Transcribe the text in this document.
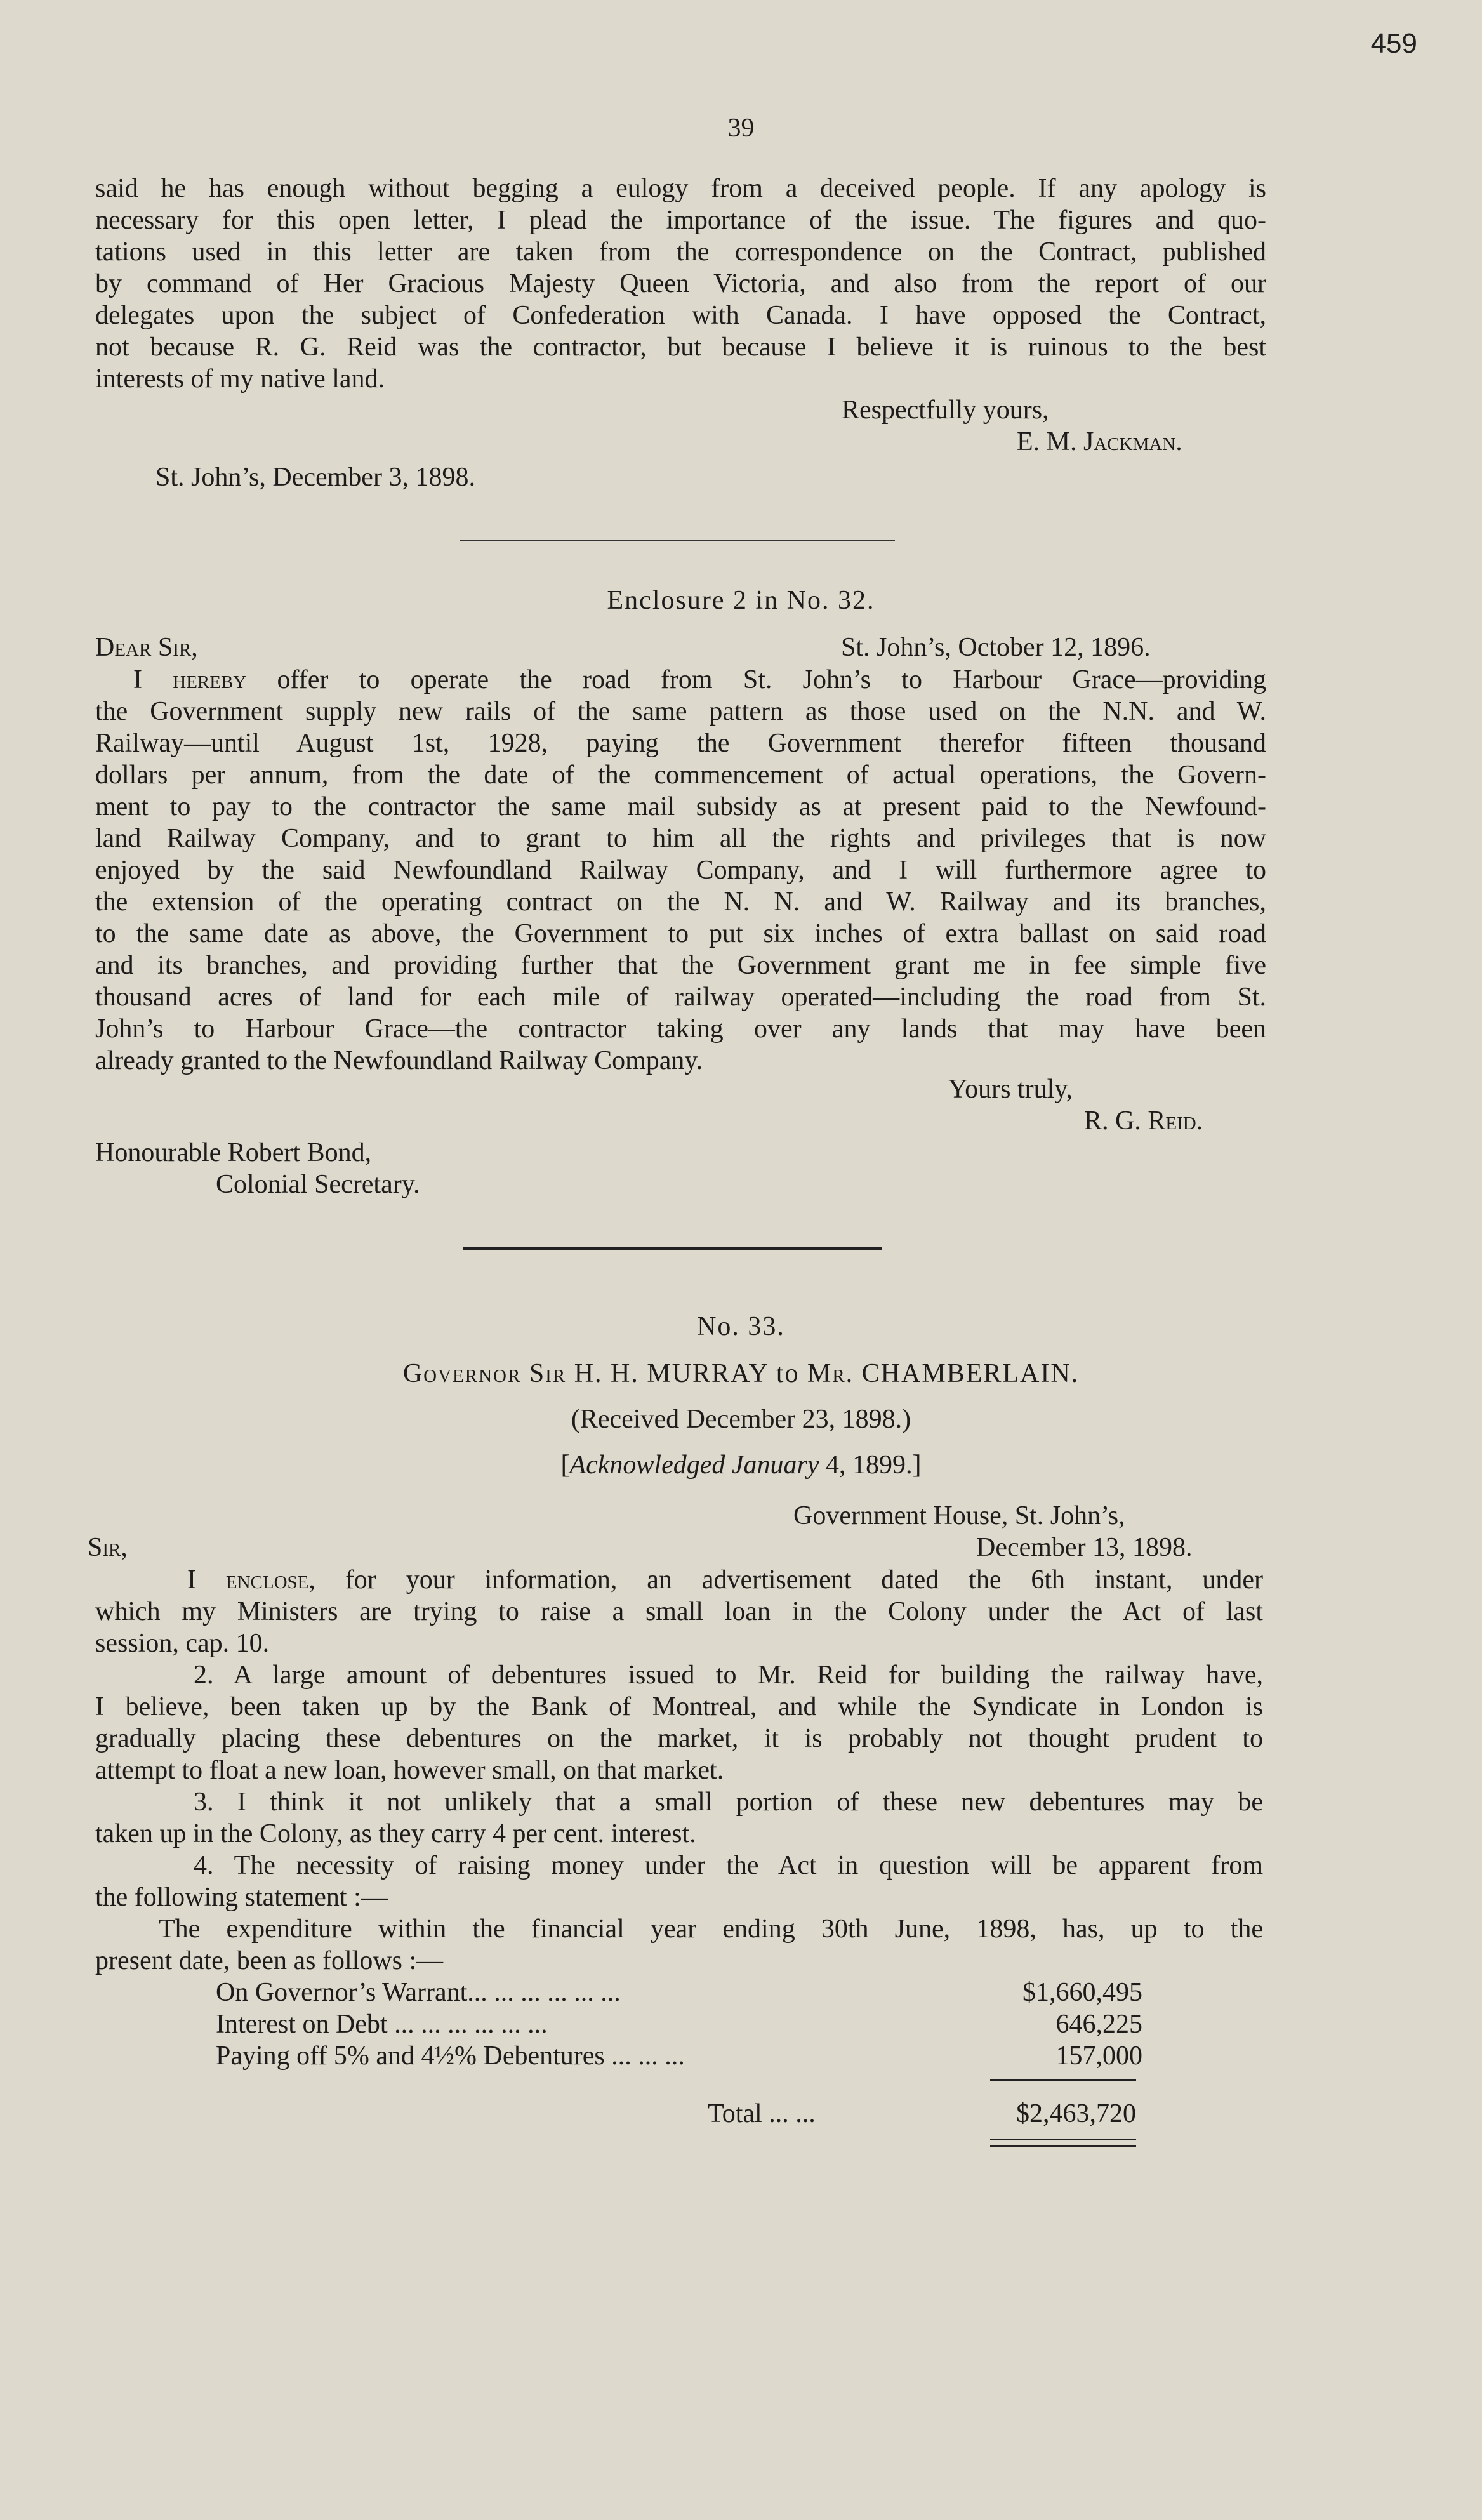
459
39

said he has enough without begging a eulogy from a deceived people. If any apology is

necessary for this open letter, I plead the importance of the issue. The figures and quo-

tations used in this letter are taken from the correspondence on the Contract, published

by command of Her Gracious Majesty Queen Victoria, and also from the report of our

delegates upon the subject of Confederation with Canada. I have opposed the Contract,

not because R. G. Reid was the contractor, but because I believe it is ruinous to the best

interests of my native land.

Respectfully yours,
E. M. Jackman.
St. John’s, December 3, 1898.
Enclosure 2 in No. 32.
Dear Sir,	St. John’s, October 12, 1896.

I hereby offer to operate the road from St. John’s to Harbour Grace—providing

the Government supply new rails of the same pattern as those used on the N.N. and W.

Railway—until August 1st, 1928, paying the Government therefor fifteen thousand

dollars per annum, from the date of the commencement of actual operations, the Govern-

ment to pay to the contractor the same mail subsidy as at present paid to the Newfound-

land Railway Company, and to grant to him all the rights and privileges that is now

enjoyed by the said Newfoundland Railway Company, and I will furthermore agree to

the extension of the operating contract on the N. N. and W. Railway and its branches,

to the same date as above, the Government to put six inches of extra ballast on said road

and its branches, and providing further that the Government grant me in fee simple five

thousand acres of land for each mile of railway operated—including the road from St.

John’s to Harbour Grace—the contractor taking over any lands that may have been

already granted to the Newfoundland Railway Company.

Yours truly,
R. G. Reid.
Honourable Robert Bond,
Colonial Secretary.
No. 33.
Governor Sir H. H. MURRAY to Mr. CHAMBERLAIN.
(Received December 23, 1898.)
[Acknowledged January 4, 1899.]
Government House, St. John’s,
Sir,	December 13, 1898.

I enclose, for your information, an advertisement dated the 6th instant, under

which my Ministers are trying to raise a small loan in the Colony under the Act of last

session, cap. 10.

2. A large amount of debentures issued to Mr. Reid for building the railway have,

I believe, been taken up by the Bank of Montreal, and while the Syndicate in London is

gradually placing these debentures on the market, it is probably not thought prudent to

attempt to float a new loan, however small, on that market.

3. I think it not unlikely that a small portion of these new debentures may be

taken up in the Colony, as they carry 4 per cent. interest.

4. The necessity of raising money under the Act in question will be apparent from

the following statement :—

The expenditure within the financial year ending 30th June, 1898, has, up to the

present date, been as follows :—

On Governor’s Warrant... ... ... ... ... ...	$1,660,495
Interest on Debt ... ... ... ... ... ...	646,225
Paying off 5% and 4½% Debentures ... ... ...	157,000
Total ... ...	$2,463,720
